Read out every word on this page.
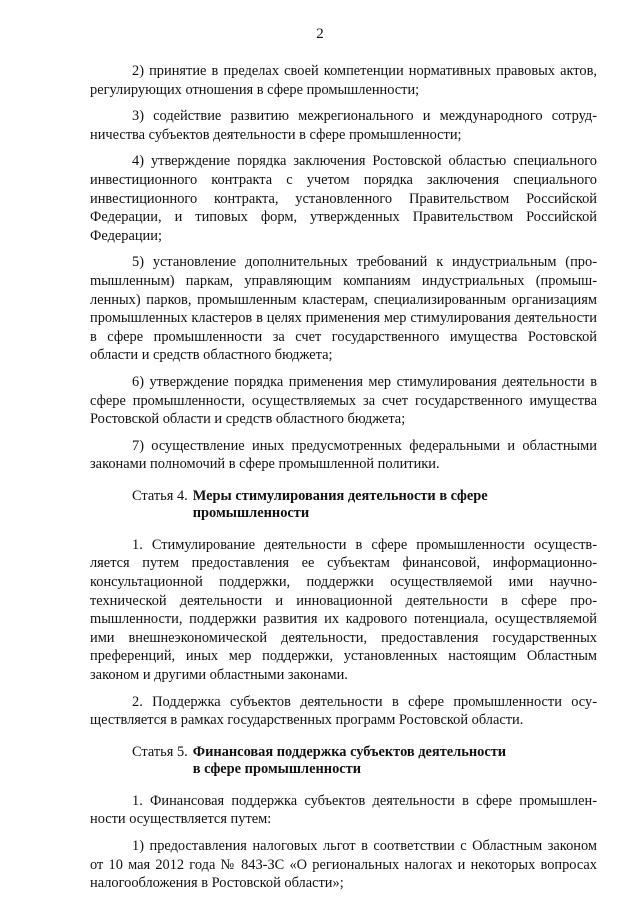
2

2) принятие в пределах своей компетенции нормативных правовых актов, регулирующих отношения в сфере промышленности;

3) содействие развитию межрегионального и международного сотрудничества субъектов деятельности в сфере промышленности;

4) утверждение порядка заключения Ростовской областью специального инвестиционного контракта с учетом порядка заключения специального инвестиционного контракта, установленного Правительством Российской Федерации, и типовых форм, утвержденных Правительством Российской Федерации;

5) установление дополнительных требований к индустриальным (проmышленным) паркам, управляющим компаниям индустриальных (промышленных) парков, промышленным кластерам, специализированным организациям промышленных кластеров в целях применения мер стимулирования деятельности в сфере промышленности за счет государственного имущества Ростовской области и средств областного бюджета;

6) утверждение порядка применения мер стимулирования деятельности в сфере промышленности, осуществляемых за счет государственного имущества Ростовской области и средств областного бюджета;

7) осуществление иных предусмотренных федеральными и областными законами полномочий в сфере промышленной политики.

Статья 4. Меры стимулирования деятельности в сфере промышленности

1. Стимулирование деятельности в сфере промышленности осуществляется путем предоставления ее субъектам финансовой, информационно-консультационной поддержки, поддержки осуществляемой ими научно-технической деятельности и инновационной деятельности в сфере проmышленности, поддержки развития их кадрового потенциала, осуществляемой ими внешнеэкономической деятельности, предоставления государственных преференций, иных мер поддержки, установленных настоящим Областным законом и другими областными законами.

2. Поддержка субъектов деятельности в сфере промышленности осуществляется в рамках государственных программ Ростовской области.

Статья 5. Финансовая поддержка субъектов деятельности в сфере промышленности

1. Финансовая поддержка субъектов деятельности в сфере промышленности осуществляется путем:

1) предоставления налоговых льгот в соответствии с Областным законом от 10 мая 2012 года № 843-ЗС «О региональных налогах и некоторых вопросах налогообложения в Ростовской области»;
